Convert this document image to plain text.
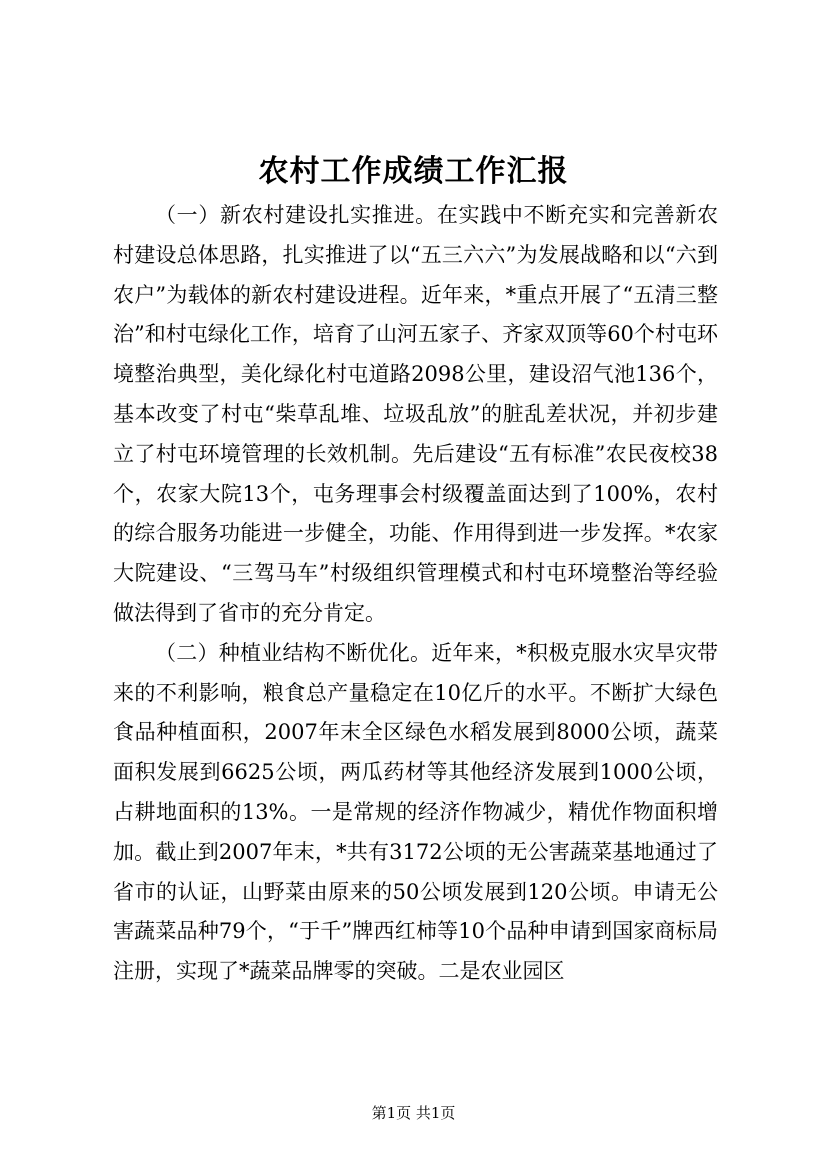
农村工作成绩工作汇报

（一）新农村建设扎实推进。在实践中不断充实和完善新农村建设总体思路，扎实推进了以“五三六六”为发展战略和以“六到农户”为载体的新农村建设进程。近年来，*重点开展了“五清三整治”和村屯绿化工作，培育了山河五家子、齐家双顶等60个村屯环境整治典型，美化绿化村屯道路2098公里，建设沼气池136个，基本改变了村屯“柴草乱堆、垃圾乱放”的脏乱差状况，并初步建立了村屯环境管理的长效机制。先后建设“五有标准”农民夜校38个，农家大院13个，屯务理事会村级覆盖面达到了100%，农村的综合服务功能进一步健全，功能、作用得到进一步发挥。*农家大院建设、“三驾马车”村级组织管理模式和村屯环境整治等经验做法得到了省市的充分肯定。

（二）种植业结构不断优化。近年来，*积极克服水灾旱灾带来的不利影响，粮食总产量稳定在10亿斤的水平。不断扩大绿色食品种植面积，2007年末全区绿色水稻发展到8000公顷，蔬菜面积发展到6625公顷，两瓜药材等其他经济发展到1000公顷，占耕地面积的13%。一是常规的经济作物减少，精优作物面积增加。截止到2007年末，*共有3172公顷的无公害蔬菜基地通过了省市的认证，山野菜由原来的50公顷发展到120公顷。申请无公害蔬菜品种79个，“于千”牌西红柿等10个品种申请到国家商标局注册，实现了*蔬菜品牌零的突破。二是农业园区

第1页 共1页
